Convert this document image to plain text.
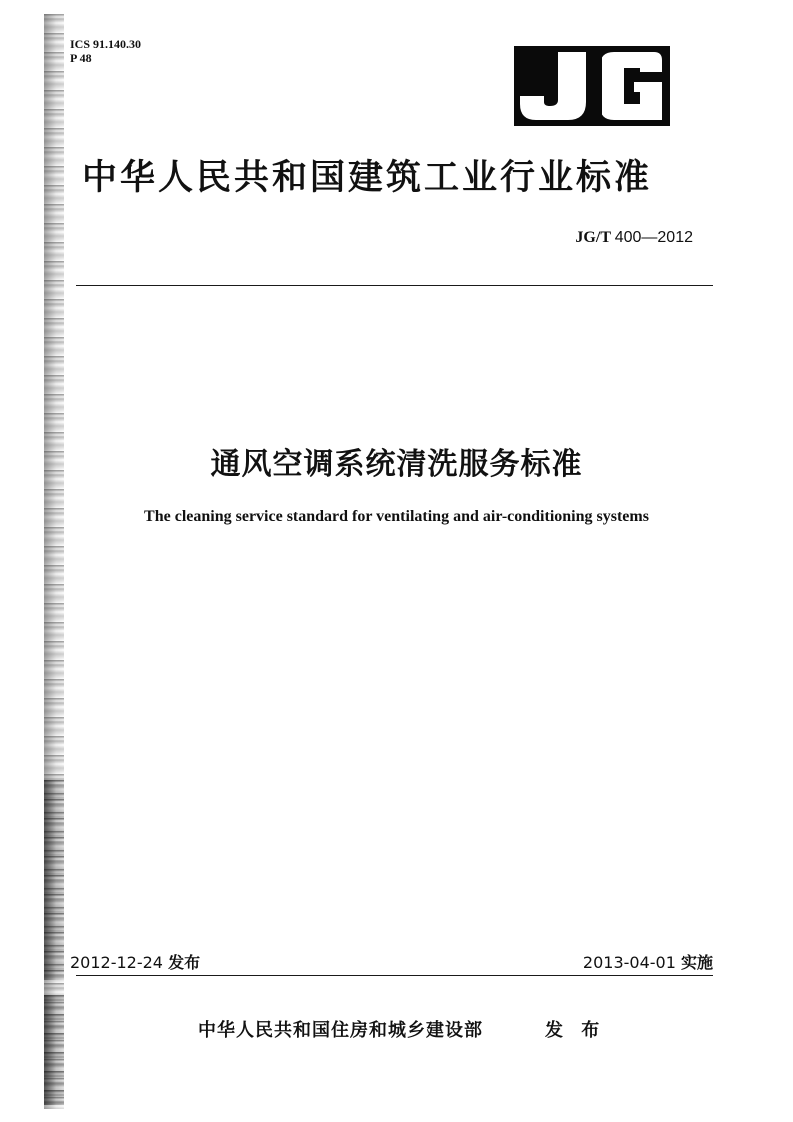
ICS 91.140.30
P 48
中华人民共和国建筑工业行业标准
JG/T 400—2012
通风空调系统清洗服务标准
The cleaning service standard for ventilating and air-conditioning systems
2012-12-24 发布	2013-04-01 实施
中华人民共和国住房和城乡建设部	发 布
